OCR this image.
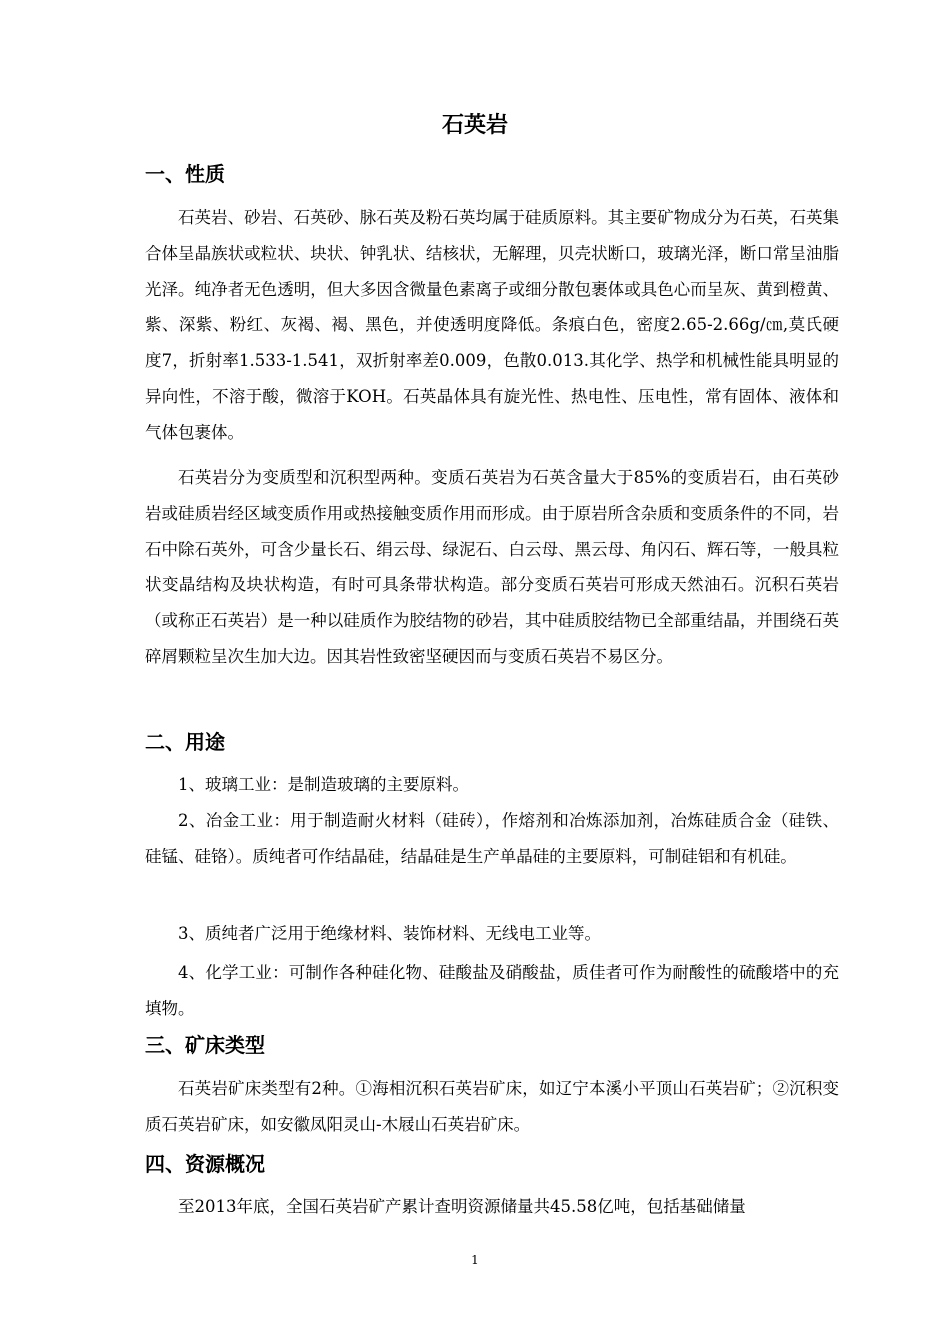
石英岩
一、性质

石英岩、砂岩、石英砂、脉石英及粉石英均属于硅质原料。其主要矿物成分为石英，石英集合体呈晶族状或粒状、块状、钟乳状、结核状，无解理，贝壳状断口，玻璃光泽，断口常呈油脂光泽。纯净者无色透明，但大多因含微量色素离子或细分散包裹体或具色心而呈灰、黄到橙黄、紫、深紫、粉红、灰褐、褐、黑色，并使透明度降低。条痕白色，密度2.65-2.66g/㎝,莫氏硬度7，折射率1.533-1.541，双折射率差0.009，色散0.013.其化学、热学和机械性能具明显的异向性，不溶于酸，微溶于KOH。石英晶体具有旋光性、热电性、压电性，常有固体、液体和气体包裹体。

石英岩分为变质型和沉积型两种。变质石英岩为石英含量大于85%的变质岩石，由石英砂岩或硅质岩经区域变质作用或热接触变质作用而形成。由于原岩所含杂质和变质条件的不同，岩石中除石英外，可含少量长石、绢云母、绿泥石、白云母、黑云母、角闪石、辉石等，一般具粒状变晶结构及块状构造，有时可具条带状构造。部分变质石英岩可形成天然油石。沉积石英岩（或称正石英岩）是一种以硅质作为胶结物的砂岩，其中硅质胶结物已全部重结晶，并围绕石英碎屑颗粒呈次生加大边。因其岩性致密坚硬因而与变质石英岩不易区分。

二、用途

1、玻璃工业：是制造玻璃的主要原料。

2、冶金工业：用于制造耐火材料（硅砖），作熔剂和冶炼添加剂，冶炼硅质合金（硅铁、硅锰、硅铬）。质纯者可作结晶硅，结晶硅是生产单晶硅的主要原料，可制硅铝和有机硅。

3、质纯者广泛用于绝缘材料、装饰材料、无线电工业等。

4、化学工业：可制作各种硅化物、硅酸盐及硝酸盐，质佳者可作为耐酸性的硫酸塔中的充填物。

三、矿床类型

石英岩矿床类型有2种。①海相沉积石英岩矿床，如辽宁本溪小平顶山石英岩矿；②沉积变质石英岩矿床，如安徽凤阳灵山-木屐山石英岩矿床。

四、资源概况

至2013年底，全国石英岩矿产累计查明资源储量共45.58亿吨，包括基础储量

1
